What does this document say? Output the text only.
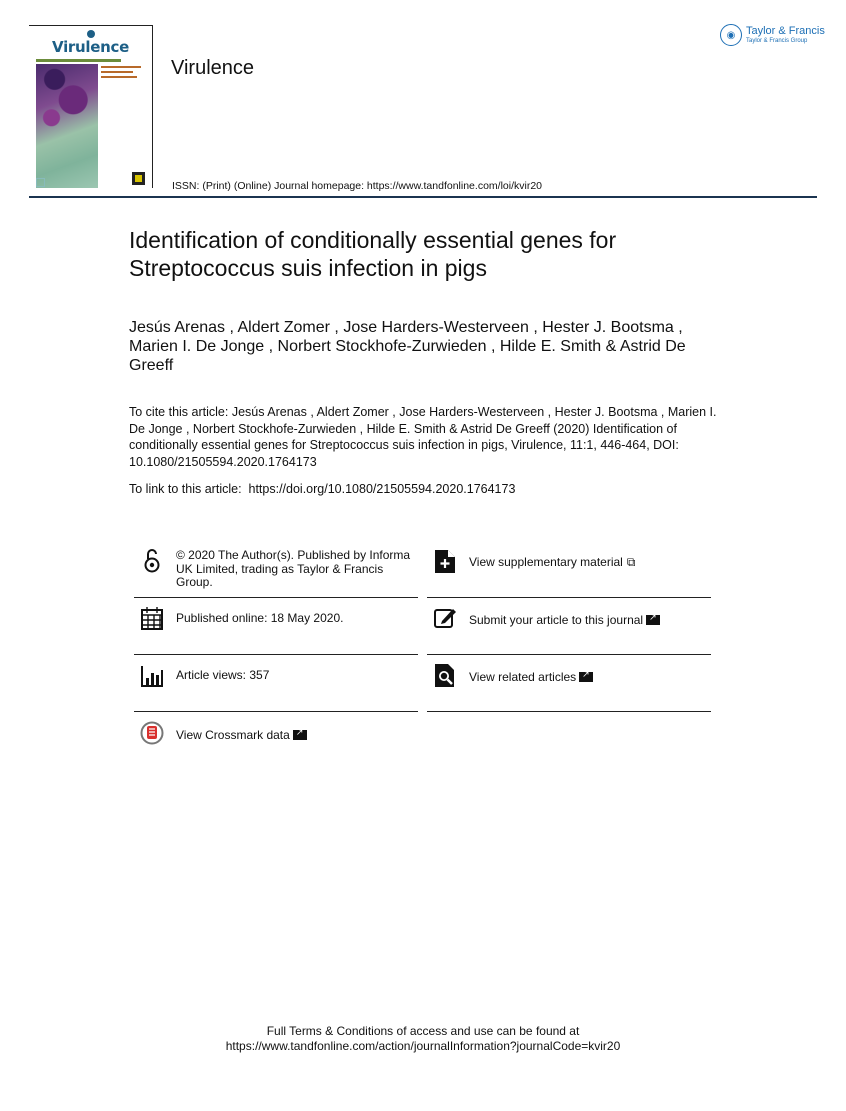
Virulence
Virulence
ISSN: (Print) (Online) Journal homepage: https://www.tandfonline.com/loi/kvir20
◉ Taylor & Francis
Taylor & Francis Group
Identification of conditionally essential genes for Streptococcus suis infection in pigs
Jesús Arenas , Aldert Zomer , Jose Harders-Westerveen , Hester J. Bootsma , Marien I. De Jonge , Norbert Stockhofe-Zurwieden , Hilde E. Smith & Astrid De Greeff
To cite this article: Jesús Arenas , Aldert Zomer , Jose Harders-Westerveen , Hester J. Bootsma , Marien I. De Jonge , Norbert Stockhofe-Zurwieden , Hilde E. Smith & Astrid De Greeff (2020) Identification of conditionally essential genes for Streptococcus suis infection in pigs, Virulence, 11:1, 446-464, DOI: 10.1080/21505594.2020.1764173
To link to this article: https://doi.org/10.1080/21505594.2020.1764173
© 2020 The Author(s). Published by Informa UK Limited, trading as Taylor & Francis Group.
View supplementary material ⧉
Published online: 18 May 2020.	Submit your article to this journal↗
Article views: 357	View related articles↗
View Crossmark data↗
Full Terms & Conditions of access and use can be found at
https://www.tandfonline.com/action/journalInformation?journalCode=kvir20
